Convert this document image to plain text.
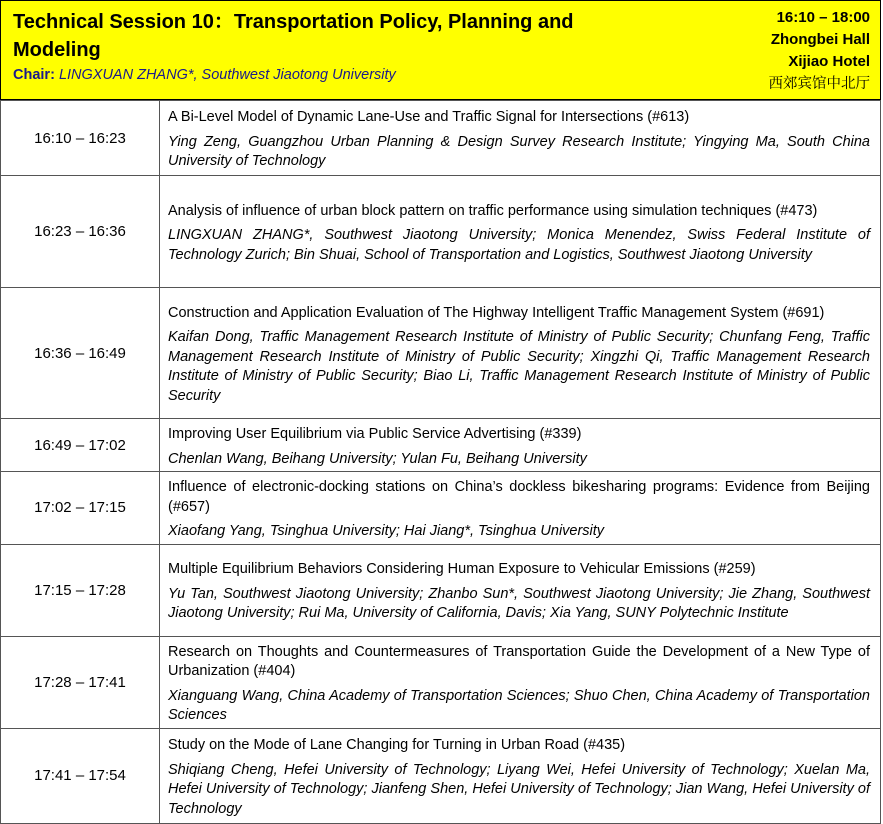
Technical Session 10：Transportation Policy, Planning and Modeling
Chair: LINGXUAN ZHANG*, Southwest Jiaotong University
16:10 – 18:00
Zhongbei Hall
Xijiao Hotel
西郊宾馆中北厅
16:10 – 16:23	A Bi-Level Model of Dynamic Lane-Use and Traffic Signal for Intersections (#613)
Ying Zeng, Guangzhou Urban Planning & Design Survey Research Institute; Yingying Ma, South China University of Technology

16:23 – 16:36	Analysis of influence of urban block pattern on traffic performance using simulation techniques (#473)
LINGXUAN ZHANG*, Southwest Jiaotong University; Monica Menendez, Swiss Federal Institute of Technology Zurich; Bin Shuai, School of Transportation and Logistics, Southwest Jiaotong University

16:36 – 16:49	Construction and Application Evaluation of The Highway Intelligent Traffic Management System (#691)
Kaifan Dong, Traffic Management Research Institute of Ministry of Public Security; Chunfang Feng, Traffic Management Research Institute of Ministry of Public Security; Xingzhi Qi, Traffic Management Research Institute of Ministry of Public Security; Biao Li, Traffic Management Research Institute of Ministry of Public Security

16:49 – 17:02	Improving User Equilibrium via Public Service Advertising (#339)
Chenlan Wang, Beihang University; Yulan Fu, Beihang University

17:02 – 17:15	Influence of electronic-docking stations on China’s dockless bikesharing programs: Evidence from Beijing (#657)
Xiaofang Yang, Tsinghua University; Hai Jiang*, Tsinghua University

17:15 – 17:28	Multiple Equilibrium Behaviors Considering Human Exposure to Vehicular Emissions (#259)
Yu Tan, Southwest Jiaotong University; Zhanbo Sun*, Southwest Jiaotong University; Jie Zhang, Southwest Jiaotong University; Rui Ma, University of California, Davis; Xia Yang, SUNY Polytechnic Institute

17:28 – 17:41	Research on Thoughts and Countermeasures of Transportation Guide the Development of a New Type of Urbanization (#404)
Xianguang Wang, China Academy of Transportation Sciences; Shuo Chen, China Academy of Transportation Sciences

17:41 – 17:54	Study on the Mode of Lane Changing for Turning in Urban Road (#435)
Shiqiang Cheng, Hefei University of Technology; Liyang Wei, Hefei University of Technology; Xuelan Ma, Hefei University of Technology; Jianfeng Shen, Hefei University of Technology; Jian Wang, Hefei University of Technology
